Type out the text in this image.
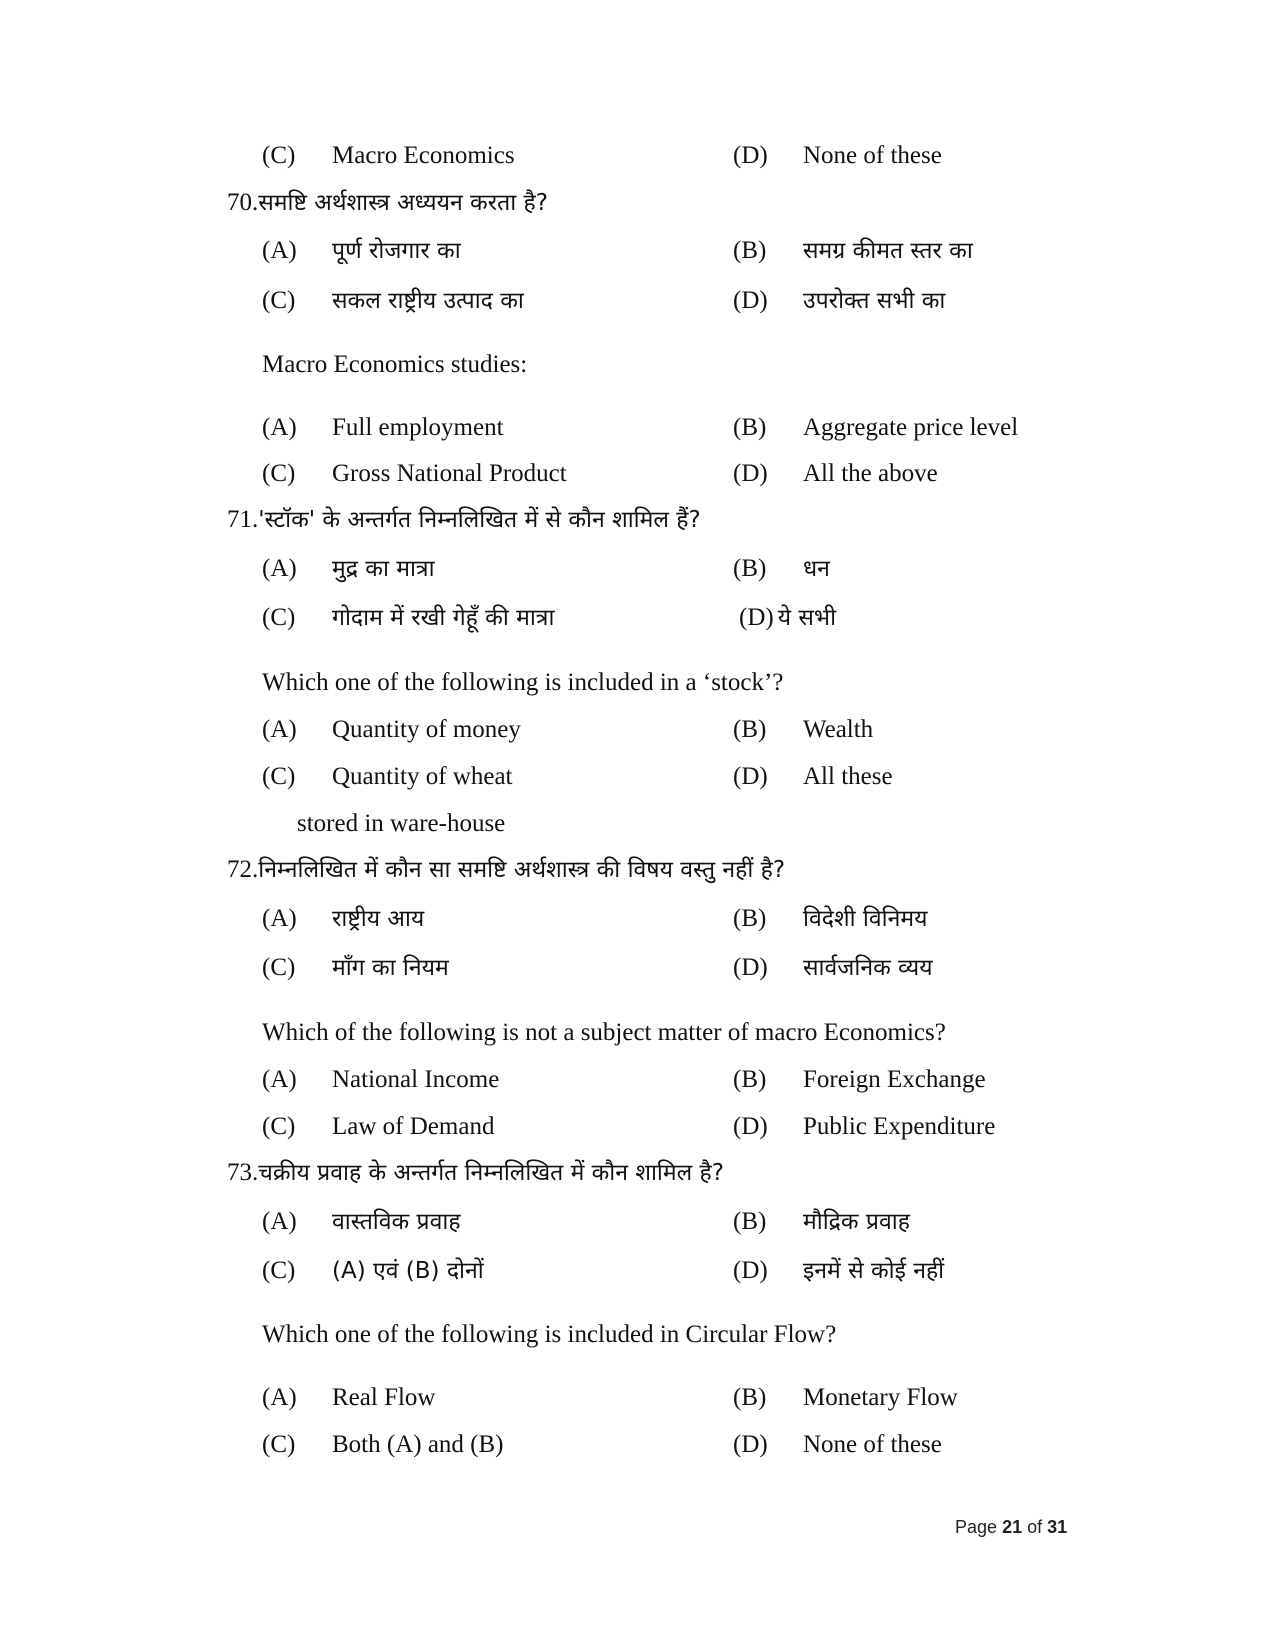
(C) Macro Economics	(D) None of these
70.समष्टि अर्थशास्त्र अध्ययन करता है?
(A) पूर्ण रोजगार का	(B) समग्र कीमत स्तर का
(C) सकल राष्ट्रीय उत्पाद का	(D) उपरोक्त सभी का
Macro Economics studies:
(A) Full employment	(B) Aggregate price level
(C) Gross National Product	(D) All the above
71.'स्टॉक' के अन्तर्गत निम्नलिखित में से कौन शामिल हैं?
(A) मुद्र का मात्रा	(B) धन
(C) गोदाम में रखी गेहूँ की मात्रा	(D) ये सभी
Which one of the following is included in a ‘stock’?
(A) Quantity of money	(B) Wealth
(C) Quantity of wheat	(D) All these
stored in ware-house
72.निम्नलिखित में कौन सा समष्टि अर्थशास्त्र की विषय वस्तु नहीं है?
(A) राष्ट्रीय आय	(B) विदेशी विनिमय
(C) माँग का नियम	(D) सार्वजनिक व्यय
Which of the following is not a subject matter of macro Economics?
(A) National Income	(B) Foreign Exchange
(C) Law of Demand	(D) Public Expenditure
73.चक्रीय प्रवाह के अन्तर्गत निम्नलिखित में कौन शामिल है?
(A) वास्तविक प्रवाह	(B) मौद्रिक प्रवाह
(C) (A) एवं (B) दोनों	(D) इनमें से कोई नहीं
Which one of the following is included in Circular Flow?
(A) Real Flow	(B) Monetary Flow
(C) Both (A) and (B)	(D) None of these
Page 21 of 31
